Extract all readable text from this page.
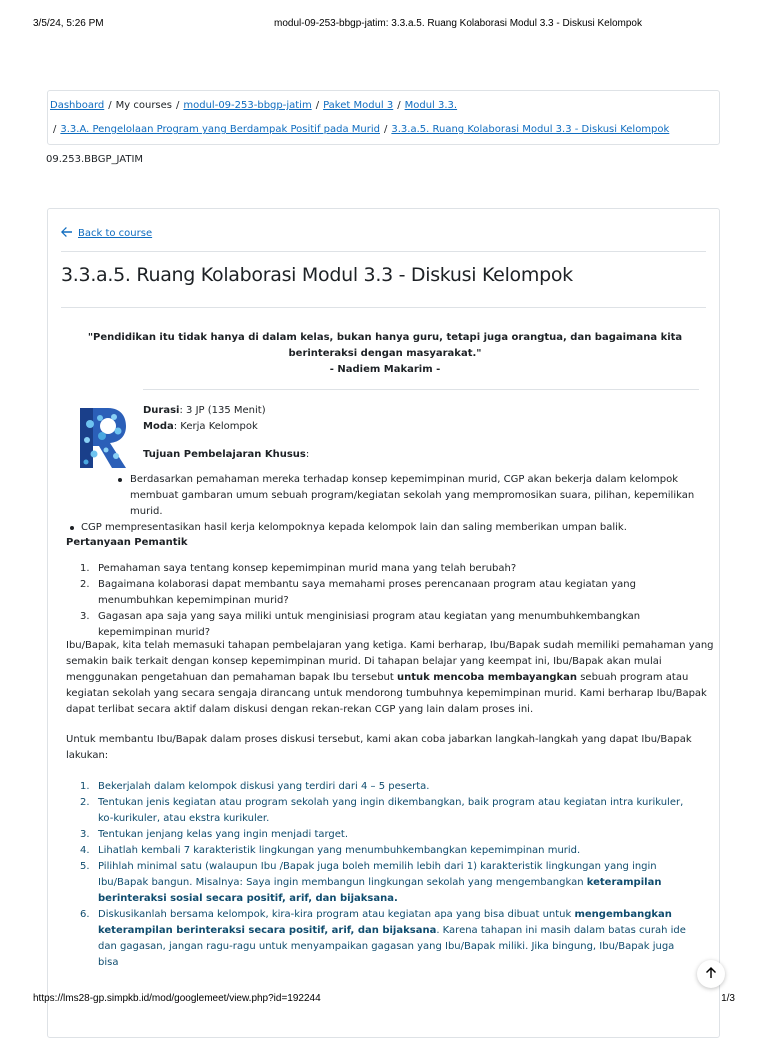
3/5/24, 5:26 PM	modul-09-253-bbgp-jatim: 3.3.a.5. Ruang Kolaborasi Modul 3.3 - Diskusi Kelompok
Dashboard / My courses / modul-09-253-bbgp-jatim / Paket Modul 3 / Modul 3.3.
/ 3.3.A. Pengelolaan Program yang Berdampak Positif pada Murid / 3.3.a.5. Ruang Kolaborasi Modul 3.3 - Diskusi Kelompok
09.253.BBGP_JATIM
Back to course
3.3.a.5. Ruang Kolaborasi Modul 3.3 - Diskusi Kelompok
"Pendidikan itu tidak hanya di dalam kelas, bukan hanya guru, tetapi juga orangtua, dan bagaimana kita berinteraksi dengan masyarakat."
- Nadiem Makarim -
Durasi: 3 JP (135 Menit)
Moda: Kerja Kelompok
Tujuan Pembelajaran Khusus:
Berdasarkan pemahaman mereka terhadap konsep kepemimpinan murid, CGP akan bekerja dalam kelompok membuat gambaran umum sebuah program/kegiatan sekolah yang mempromosikan suara, pilihan, kepemilikan murid.
CGP mempresentasikan hasil kerja kelompoknya kepada kelompok lain dan saling memberikan umpan balik.
Pertanyaan Pemantik
1. Pemahaman saya tentang konsep kepemimpinan murid mana yang telah berubah?
2. Bagaimana kolaborasi dapat membantu saya memahami proses perencanaan program atau kegiatan yang menumbuhkan kepemimpinan murid?
3. Gagasan apa saja yang saya miliki untuk menginisiasi program atau kegiatan yang menumbuhkembangkan kepemimpinan murid?
Ibu/Bapak, kita telah memasuki tahapan pembelajaran yang ketiga. Kami berharap, Ibu/Bapak sudah memiliki pemahaman yang semakin baik terkait dengan konsep kepemimpinan murid. Di tahapan belajar yang keempat ini, Ibu/Bapak akan mulai menggunakan pengetahuan dan pemahaman bapak Ibu tersebut untuk mencoba membayangkan sebuah program atau kegiatan sekolah yang secara sengaja dirancang untuk mendorong tumbuhnya kepemimpinan murid. Kami berharap Ibu/Bapak dapat terlibat secara aktif dalam diskusi dengan rekan-rekan CGP yang lain dalam proses ini.
Untuk membantu Ibu/Bapak dalam proses diskusi tersebut, kami akan coba jabarkan langkah-langkah yang dapat Ibu/Bapak lakukan:
1. Bekerjalah dalam kelompok diskusi yang terdiri dari 4 – 5 peserta.
2. Tentukan jenis kegiatan atau program sekolah yang ingin dikembangkan, baik program atau kegiatan intra kurikuler, ko-kurikuler, atau ekstra kurikuler.
3. Tentukan jenjang kelas yang ingin menjadi target.
4. Lihatlah kembali 7 karakteristik lingkungan yang menumbuhkembangkan kepemimpinan murid.
5. Pilihlah minimal satu (walaupun Ibu /Bapak juga boleh memilih lebih dari 1) karakteristik lingkungan yang ingin Ibu/Bapak bangun. Misalnya: Saya ingin membangun lingkungan sekolah yang mengembangkan keterampilan berinteraksi sosial secara positif, arif, dan bijaksana.
6. Diskusikanlah bersama kelompok, kira-kira program atau kegiatan apa yang bisa dibuat untuk mengembangkan keterampilan berinteraksi secara positif, arif, dan bijaksana. Karena tahapan ini masih dalam batas curah ide dan gagasan, jangan ragu-ragu untuk menyampaikan gagasan yang Ibu/Bapak miliki. Jika bingung, Ibu/Bapak juga bisa
https://lms28-gp.simpkb.id/mod/googlemeet/view.php?id=192244	1/3
